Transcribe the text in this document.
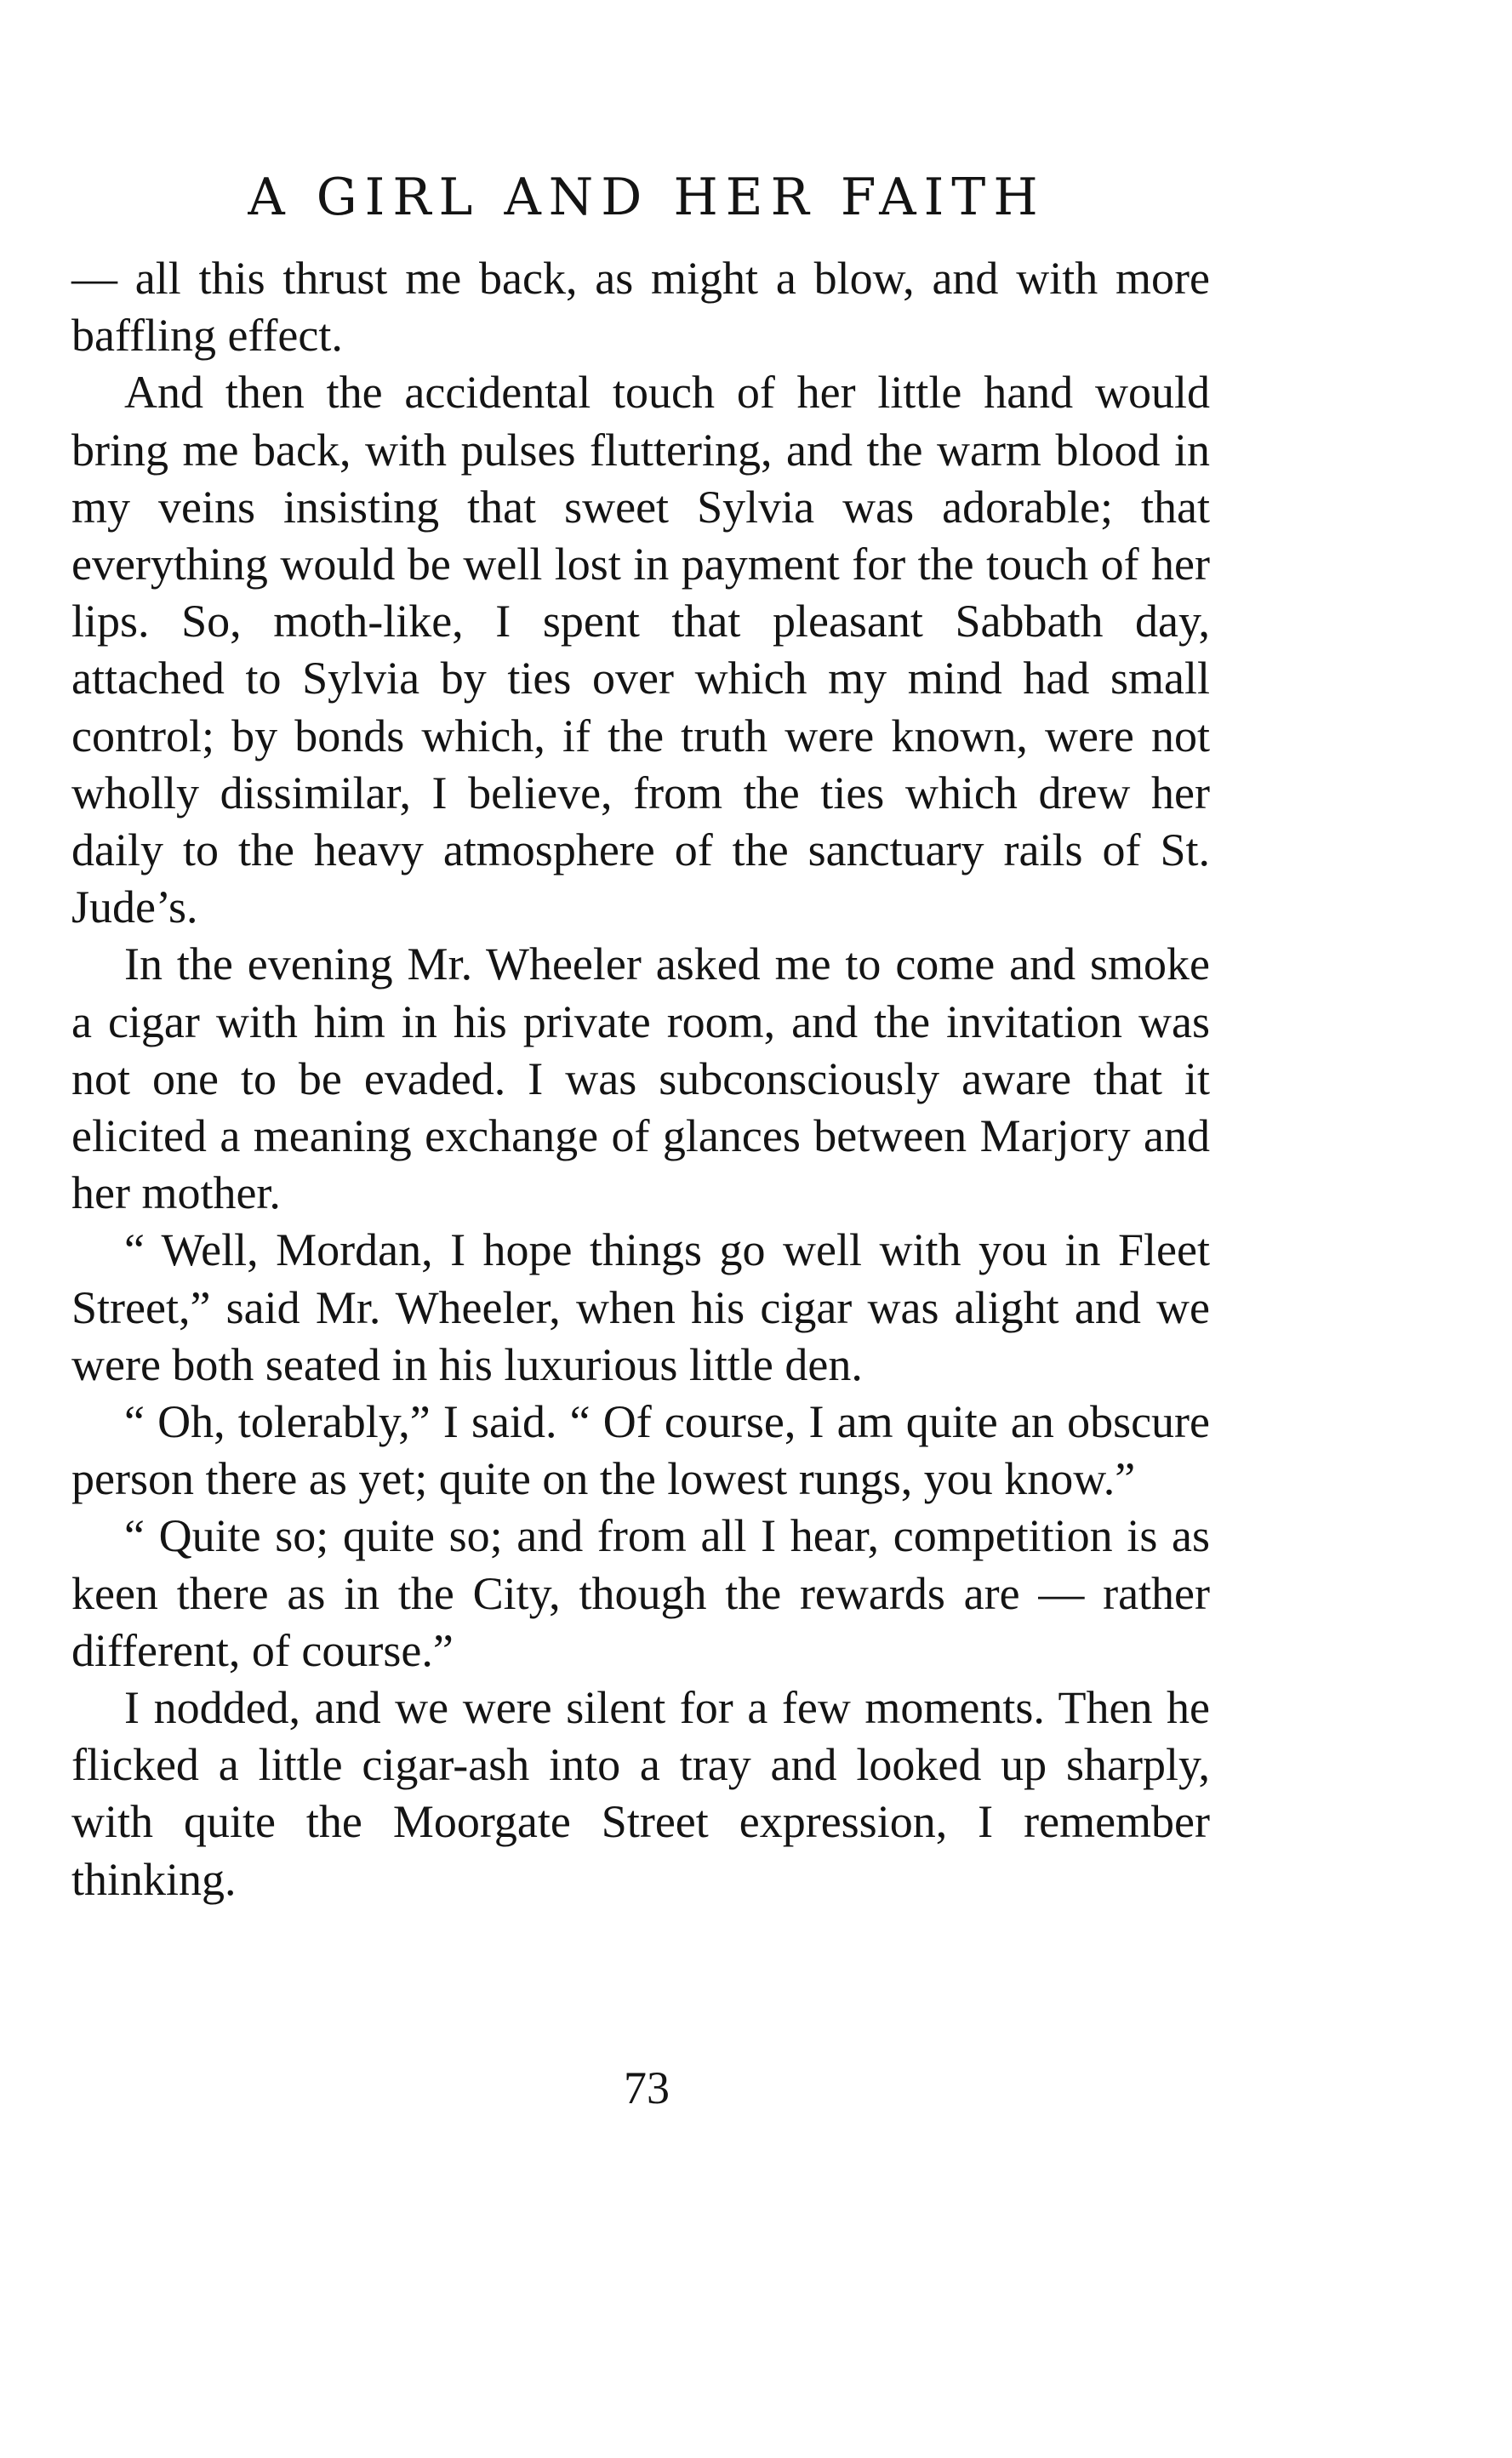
A GIRL AND HER FAITH

— all this thrust me back, as might a blow, and with more baffling effect.

And then the accidental touch of her little hand would bring me back, with pulses fluttering, and the warm blood in my veins insisting that sweet Sylvia was adorable; that everything would be well lost in payment for the touch of her lips. So, moth-like, I spent that pleasant Sabbath day, attached to Sylvia by ties over which my mind had small control; by bonds which, if the truth were known, were not wholly dissimilar, I believe, from the ties which drew her daily to the heavy atmosphere of the sanctuary rails of St. Jude’s.

In the evening Mr. Wheeler asked me to come and smoke a cigar with him in his private room, and the invitation was not one to be evaded. I was subconsciously aware that it elicited a meaning exchange of glances between Marjory and her mother.

“ Well, Mordan, I hope things go well with you in Fleet Street,” said Mr. Wheeler, when his cigar was alight and we were both seated in his luxurious little den.

“ Oh, tolerably,” I said. “ Of course, I am quite an obscure person there as yet; quite on the lowest rungs, you know.”

“ Quite so; quite so; and from all I hear, competition is as keen there as in the City, though the rewards are — rather different, of course.”

I nodded, and we were silent for a few moments. Then he flicked a little cigar-ash into a tray and looked up sharply, with quite the Moorgate Street expression, I remember thinking.

73
